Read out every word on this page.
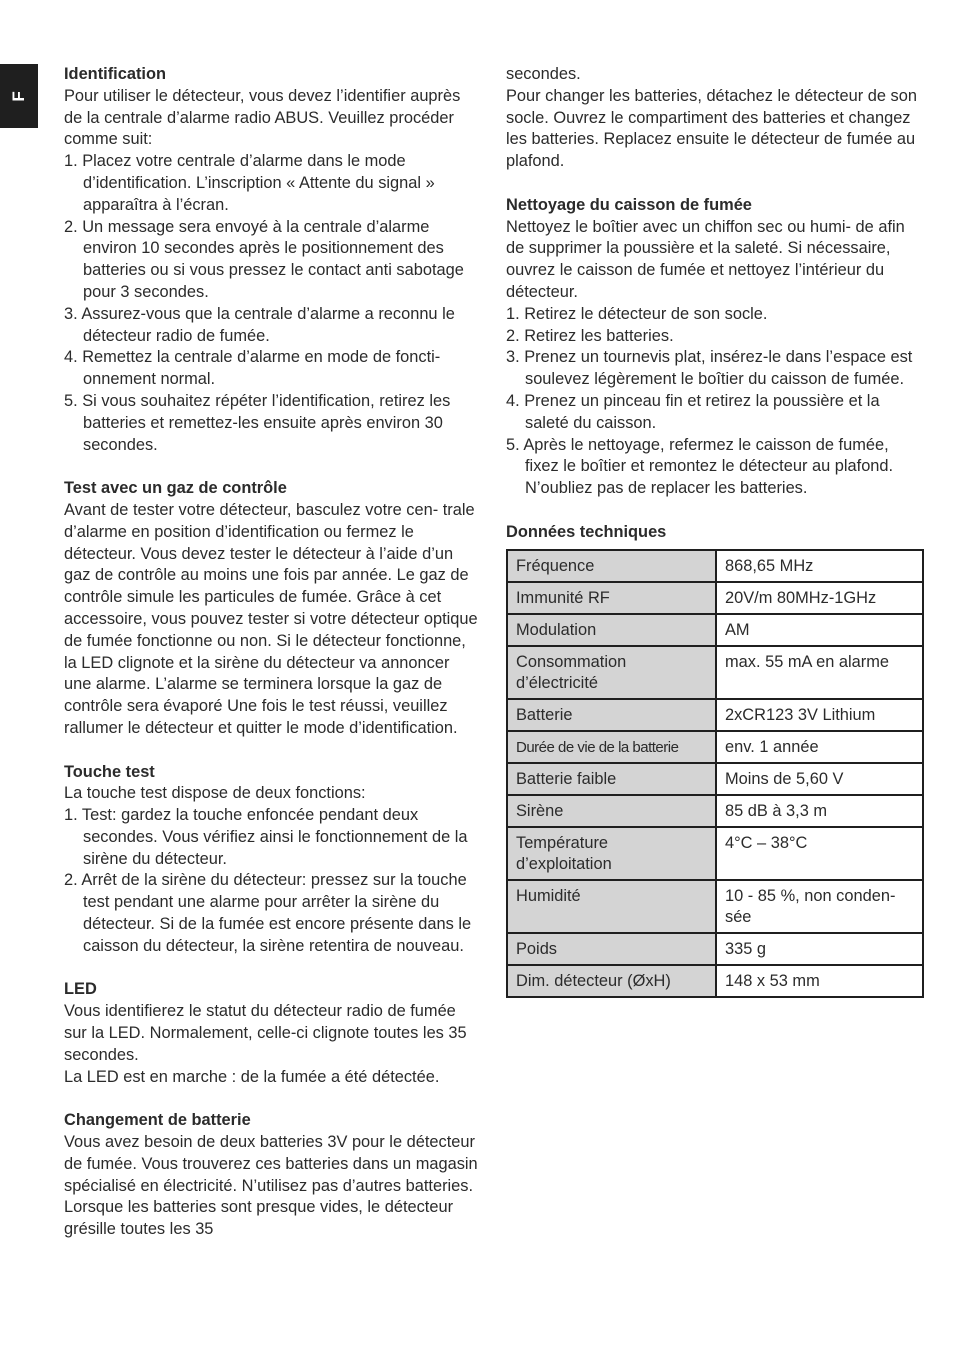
F
Identification

Pour utiliser le détecteur, vous devez l’identifier auprès de la centrale d’alarme radio ABUS. Veuillez procéder comme suit:

1. Placez votre centrale d’alarme dans le mode d’identification. L’inscription « Attente du signal » apparaîtra à l’écran.
2. Un message sera envoyé à la centrale d’alarme environ 10 secondes après le positionnement des batteries ou si vous pressez le contact anti sabotage pour 3 secondes.
3. Assurez-vous que la centrale d’alarme a reconnu le détecteur radio de fumée.
4. Remettez la centrale d’alarme en mode de foncti- onnement normal.
5. Si vous souhaitez répéter l’identification, retirez les batteries et remettez-les ensuite après environ 30 secondes.
Test avec un gaz de contrôle

Avant de tester votre détecteur, basculez votre cen- trale d’alarme en position d’identification ou fermez le détecteur. Vous devez tester le détecteur à l’aide d’un gaz de contrôle au moins une fois par année. Le gaz de contrôle simule les particules de fumée. Grâce à cet accessoire, vous pouvez tester si votre détecteur optique de fumée fonctionne ou non. Si le détecteur fonctionne, la LED clignote et la sirène du détecteur va annoncer une alarme. L’alarme se terminera lorsque la gaz de contrôle sera évaporé Une fois le test réussi, veuillez rallumer le détecteur et quitter le mode d’identification.

Touche test

La touche test dispose de deux fonctions:

1. Test: gardez la touche enfoncée pendant deux secondes. Vous vérifiez ainsi le fonctionnement de la sirène du détecteur.
2. Arrêt de la sirène du détecteur: pressez sur la touche test pendant une alarme pour arrêter la sirène du détecteur. Si de la fumée est encore présente dans le caisson du détecteur, la sirène retentira de nouveau.
LED

Vous identifierez le statut du détecteur radio de fumée sur la LED. Normalement, celle-ci clignote toutes les 35 secondes.

La LED est en marche : de la fumée a été détectée.

Changement de batterie

Vous avez besoin de deux batteries 3V pour le détecteur de fumée. Vous trouverez ces batteries dans un magasin spécialisé en électricité. N’utilisez pas d’autres batteries. Lorsque les batteries sont presque vides, le détecteur grésille toutes les 35

secondes.

Pour changer les batteries, détachez le détecteur de son socle. Ouvrez le compartiment des batteries et changez les batteries. Replacez ensuite le détecteur de fumée au plafond.

Nettoyage du caisson de fumée

Nettoyez le boîtier avec un chiffon sec ou humi- de afin de supprimer la poussière et la saleté. Si nécessaire, ouvrez le caisson de fumée et nettoyez l’intérieur du détecteur.

1. Retirez le détecteur de son socle.
2. Retirez les batteries.
3. Prenez un tournevis plat, insérez-le dans l’espace est soulevez légèrement le boîtier du caisson de fumée.
4. Prenez un pinceau fin et retirez la poussière et la saleté du caisson.
5. Après le nettoyage, refermez le caisson de fumée, fixez le boîtier et remontez le détecteur au plafond. N’oubliez pas de replacer les batteries.
Données techniques
Fréquence	868,65 MHz
Immunité RF	20V/m 80MHz-1GHz
Modulation	AM
Consommation d’électricité	max. 55 mA en alarme
Batterie	2xCR123 3V Lithium
Durée de vie de la batterie	env. 1 année
Batterie faible	Moins de 5,60 V
Sirène	85 dB à 3,3 m
Température d’exploitation	4°C – 38°C
Humidité	10 - 85 %, non conden- sée
Poids	335 g
Dim. détecteur (ØxH)	148 x 53 mm
